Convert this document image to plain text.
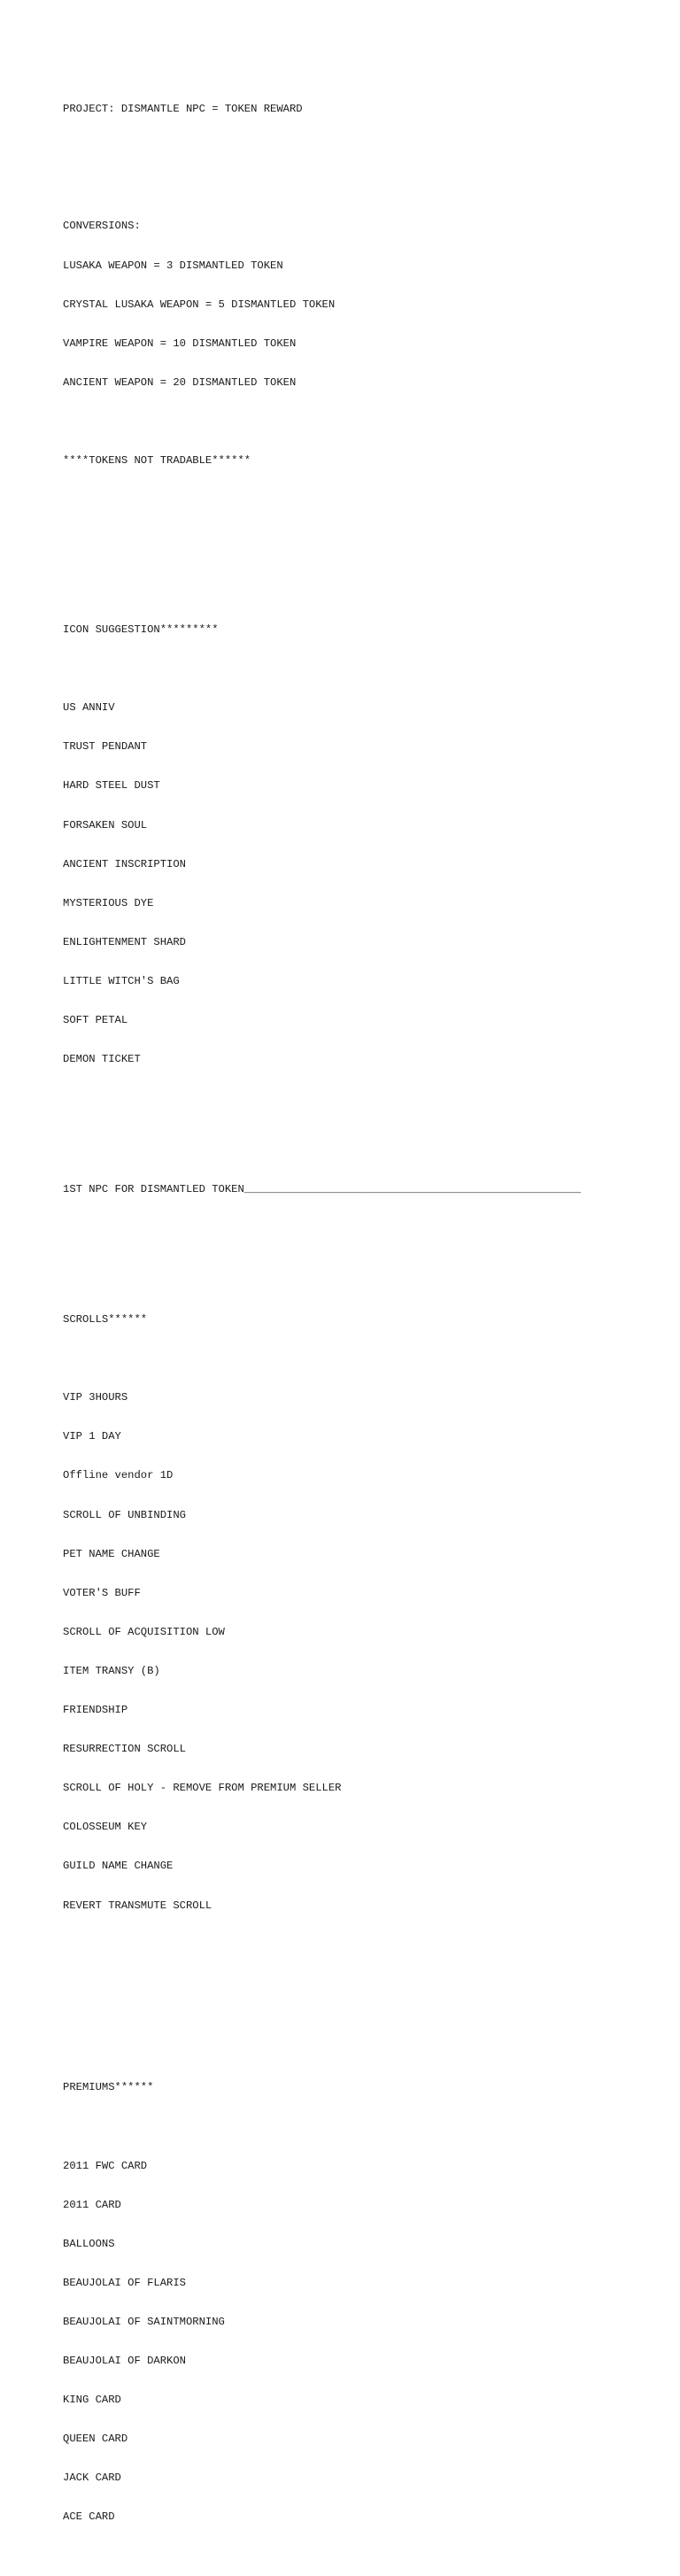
PROJECT: DISMANTLE NPC = TOKEN REWARD

CONVERSIONS:

LUSAKA WEAPON = 3 DISMANTLED TOKEN

CRYSTAL LUSAKA WEAPON = 5 DISMANTLED TOKEN

VAMPIRE WEAPON = 10 DISMANTLED TOKEN

ANCIENT WEAPON = 20 DISMANTLED TOKEN

****TOKENS NOT TRADABLE******

ICON SUGGESTION*********

US ANNIV

TRUST PENDANT

HARD STEEL DUST

FORSAKEN SOUL

ANCIENT INSCRIPTION

MYSTERIOUS DYE

ENLIGHTENMENT SHARD

LITTLE WITCH'S BAG

SOFT PETAL

DEMON TICKET

1ST NPC FOR DISMANTLED TOKEN____________________________________________________

SCROLLS******

VIP 3HOURS

VIP 1 DAY

Offline vendor 1D

SCROLL OF UNBINDING

PET NAME CHANGE

VOTER'S BUFF

SCROLL OF ACQUISITION LOW

ITEM TRANSY (B)

FRIENDSHIP

RESURRECTION SCROLL

SCROLL OF HOLY - REMOVE FROM PREMIUM SELLER

COLOSSEUM KEY

GUILD NAME CHANGE

REVERT TRANSMUTE SCROLL

PREMIUMS******

2011 FWC CARD

2011 CARD

BALLOONS

BEAUJOLAI OF FLARIS

BEAUJOLAI OF SAINTMORNING

BEAUJOLAI OF DARKON

KING CARD

QUEEN CARD

JACK CARD

ACE CARD
